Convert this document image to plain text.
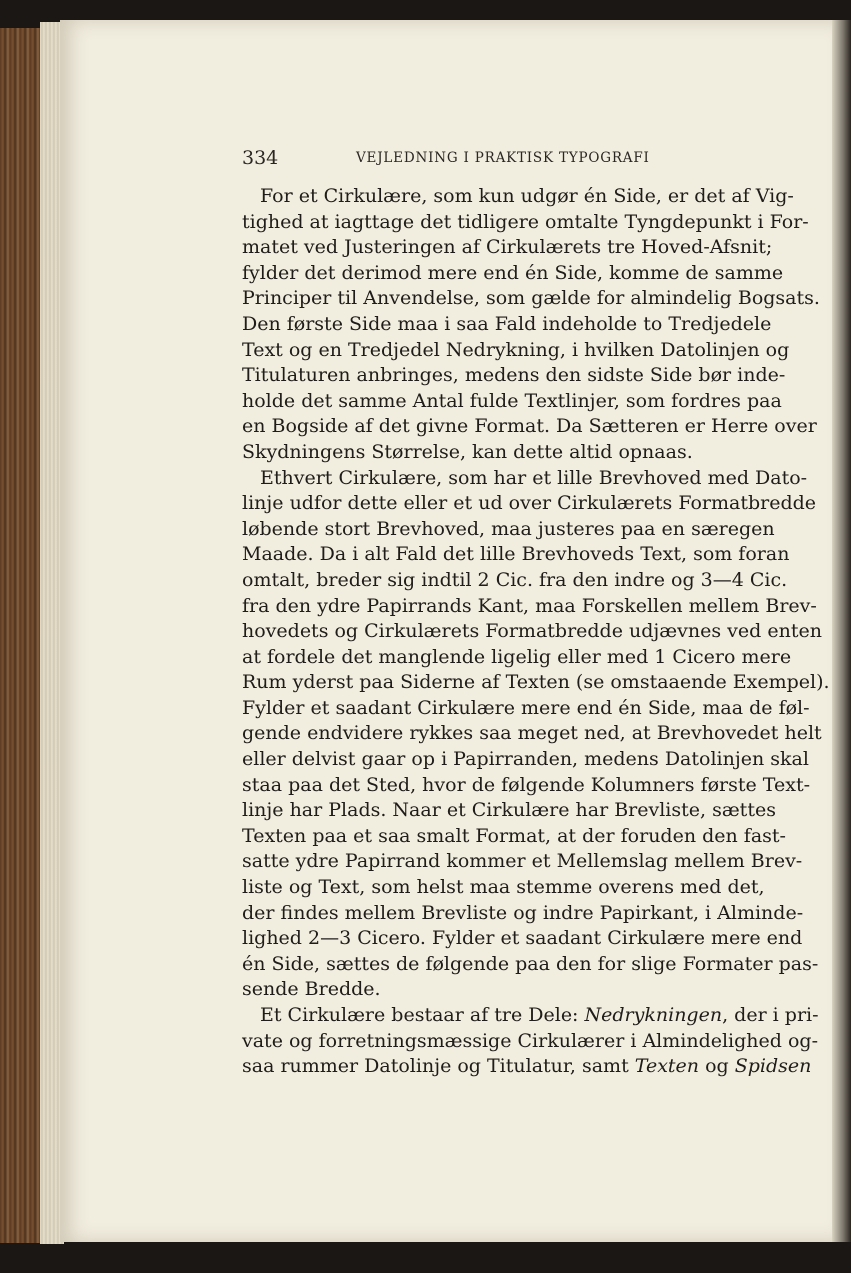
334	VEJLEDNING I PRAKTISK TYPOGRAFI
For et Cirkulære, som kun udgør én Side, er det af Vig-
tighed at iagttage det tidligere omtalte Tyngdepunkt i For-
matet ved Justeringen af Cirkulærets tre Hoved-Afsnit;
fylder det derimod mere end én Side, komme de samme
Principer til Anvendelse, som gælde for almindelig Bogsats.
Den første Side maa i saa Fald indeholde to Tredjedele
Text og en Tredjedel Nedrykning, i hvilken Datolinjen og
Titulaturen anbringes, medens den sidste Side bør inde-
holde det samme Antal fulde Textlinjer, som fordres paa
en Bogside af det givne Format. Da Sætteren er Herre over
Skydningens Størrelse, kan dette altid opnaas.
Ethvert Cirkulære, som har et lille Brevhoved med Dato-
linje udfor dette eller et ud over Cirkulærets Formatbredde
løbende stort Brevhoved, maa justeres paa en særegen
Maade. Da i alt Fald det lille Brevhoveds Text, som foran
omtalt, breder sig indtil 2 Cic. fra den indre og 3—4 Cic.
fra den ydre Papirrands Kant, maa Forskellen mellem Brev-
hovedets og Cirkulærets Formatbredde udjævnes ved enten
at fordele det manglende ligelig eller med 1 Cicero mere
Rum yderst paa Siderne af Texten (se omstaaende Exempel).
Fylder et saadant Cirkulære mere end én Side, maa de føl-
gende endvidere rykkes saa meget ned, at Brevhovedet helt
eller delvist gaar op i Papirranden, medens Datolinjen skal
staa paa det Sted, hvor de følgende Kolumners første Text-
linje har Plads. Naar et Cirkulære har Brevliste, sættes
Texten paa et saa smalt Format, at der foruden den fast-
satte ydre Papirrand kommer et Mellemslag mellem Brev-
liste og Text, som helst maa stemme overens med det,
der findes mellem Brevliste og indre Papirkant, i Alminde-
lighed 2—3 Cicero. Fylder et saadant Cirkulære mere end
én Side, sættes de følgende paa den for slige Formater pas-
sende Bredde.
Et Cirkulære bestaar af tre Dele: Nedrykningen, der i pri-
vate og forretningsmæssige Cirkulærer i Almindelighed og-
saa rummer Datolinje og Titulatur, samt Texten og Spidsen
